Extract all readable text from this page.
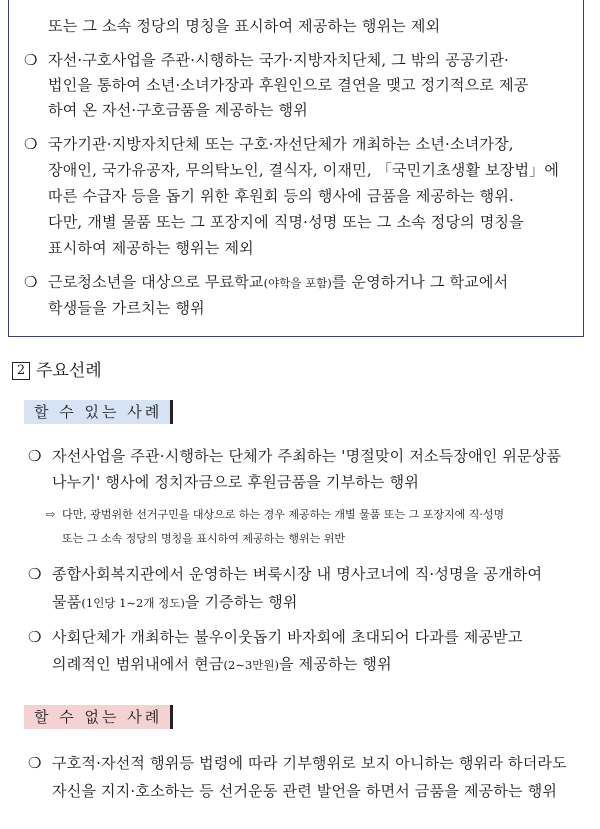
또는 그 소속 정당의 명칭을 표시하여 제공하는 행위는 제외
❍ 자선·구호사업을 주관·시행하는 국가·지방자치단체, 그 밖의 공공기관·
법인을 통하여 소년·소녀가장과 후원인으로 결연을 맺고 정기적으로 제공
하여 온 자선·구호금품을 제공하는 행위
❍ 국가기관·지방자치단체 또는 구호·자선단체가 개최하는 소년·소녀가장,
장애인, 국가유공자, 무의탁노인, 결식자, 이재민, 「국민기초생활 보장법」에
따른 수급자 등을 돕기 위한 후원회 등의 행사에 금품을 제공하는 행위.
다만, 개별 물품 또는 그 포장지에 직명·성명 또는 그 소속 정당의 명칭을
표시하여 제공하는 행위는 제외
❍ 근로청소년을 대상으로 무료학교(야학을 포함)를 운영하거나 그 학교에서
학생들을 가르치는 행위
2 주요선례
할 수 있는 사례
❍ 자선사업을 주관·시행하는 단체가 주최하는 '명절맞이 저소득장애인 위문상품
나누기' 행사에 정치자금으로 후원금품을 기부하는 행위
⇨ 다만, 광범위한 선거구민을 대상으로 하는 경우 제공하는 개별 물품 또는 그 포장지에 직·성명
또는 그 소속 정당의 명칭을 표시하여 제공하는 행위는 위반
❍ 종합사회복지관에서 운영하는 벼룩시장 내 명사코너에 직·성명을 공개하여
물품(1인당 1∼2개 정도)을 기증하는 행위
❍ 사회단체가 개최하는 불우이웃돕기 바자회에 초대되어 다과를 제공받고
의례적인 범위내에서 현금(2∼3만원)을 제공하는 행위
할 수 없는 사례
❍ 구호적·자선적 행위등 법령에 따라 기부행위로 보지 아니하는 행위라 하더라도
자신을 지지·호소하는 등 선거운동 관련 발언을 하면서 금품을 제공하는 행위
